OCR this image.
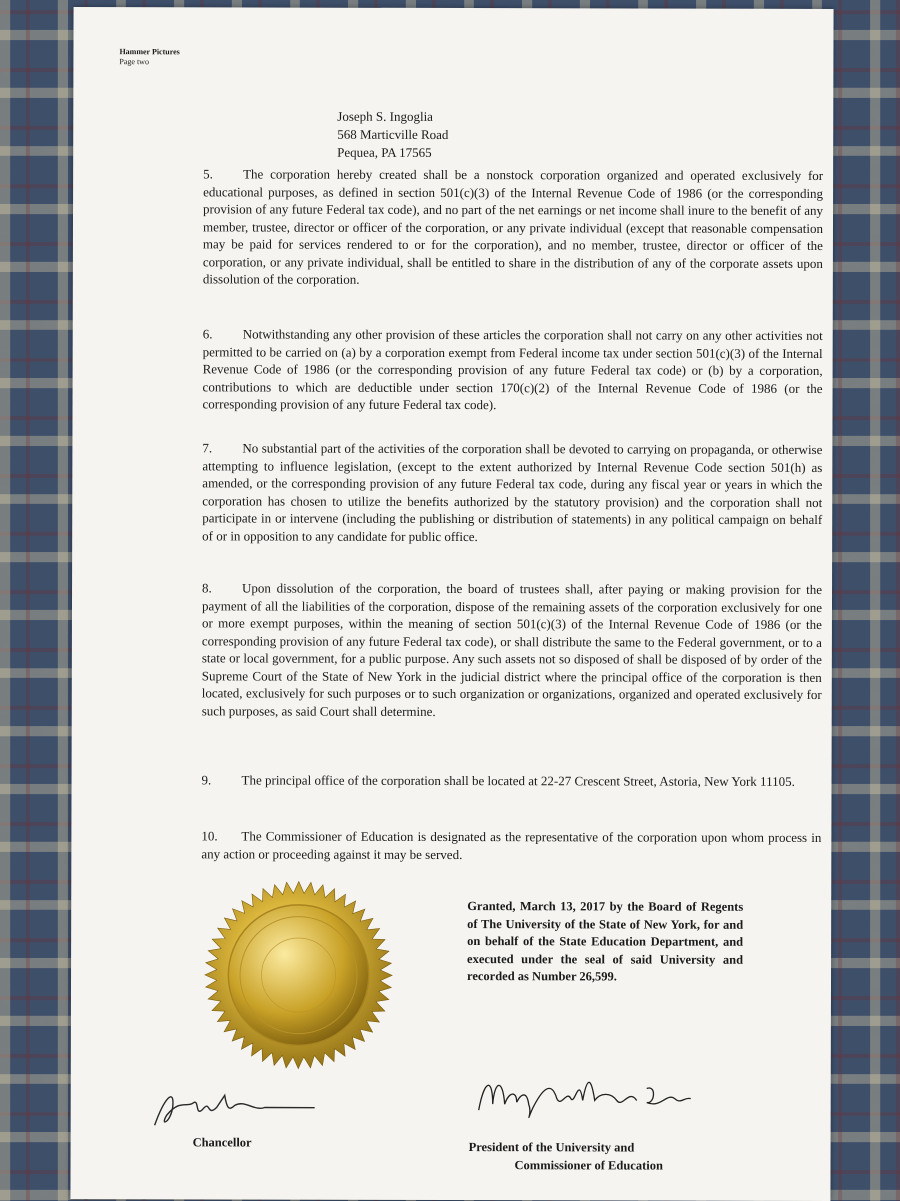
Hammer Pictures
Page two
Joseph S. Ingoglia
568 Marticville Road
Pequea, PA 17565
5. The corporation hereby created shall be a nonstock corporation organized and operated exclusively for educational purposes, as defined in section 501(c)(3) of the Internal Revenue Code of 1986 (or the corresponding provision of any future Federal tax code), and no part of the net earnings or net income shall inure to the benefit of any member, trustee, director or officer of the corporation, or any private individual (except that reasonable compensation may be paid for services rendered to or for the corporation), and no member, trustee, director or officer of the corporation, or any private individual, shall be entitled to share in the distribution of any of the corporate assets upon dissolution of the corporation.
6. Notwithstanding any other provision of these articles the corporation shall not carry on any other activities not permitted to be carried on (a) by a corporation exempt from Federal income tax under section 501(c)(3) of the Internal Revenue Code of 1986 (or the corresponding provision of any future Federal tax code) or (b) by a corporation, contributions to which are deductible under section 170(c)(2) of the Internal Revenue Code of 1986 (or the corresponding provision of any future Federal tax code).
7. No substantial part of the activities of the corporation shall be devoted to carrying on propaganda, or otherwise attempting to influence legislation, (except to the extent authorized by Internal Revenue Code section 501(h) as amended, or the corresponding provision of any future Federal tax code, during any fiscal year or years in which the corporation has chosen to utilize the benefits authorized by the statutory provision) and the corporation shall not participate in or intervene (including the publishing or distribution of statements) in any political campaign on behalf of or in opposition to any candidate for public office.
8. Upon dissolution of the corporation, the board of trustees shall, after paying or making provision for the payment of all the liabilities of the corporation, dispose of the remaining assets of the corporation exclusively for one or more exempt purposes, within the meaning of section 501(c)(3) of the Internal Revenue Code of 1986 (or the corresponding provision of any future Federal tax code), or shall distribute the same to the Federal government, or to a state or local government, for a public purpose. Any such assets not so disposed of shall be disposed of by order of the Supreme Court of the State of New York in the judicial district where the principal office of the corporation is then located, exclusively for such purposes or to such organization or organizations, organized and operated exclusively for such purposes, as said Court shall determine.
9. The principal office of the corporation shall be located at 22-27 Crescent Street, Astoria, New York 11105.
10. The Commissioner of Education is designated as the representative of the corporation upon whom process in any action or proceeding against it may be served.
Granted, March 13, 2017 by the Board of Regents of The University of the State of New York, for and on behalf of the State Education Department, and executed under the seal of said University and recorded as Number 26,599.
Chancellor	President of the University and
Commissioner of Education
